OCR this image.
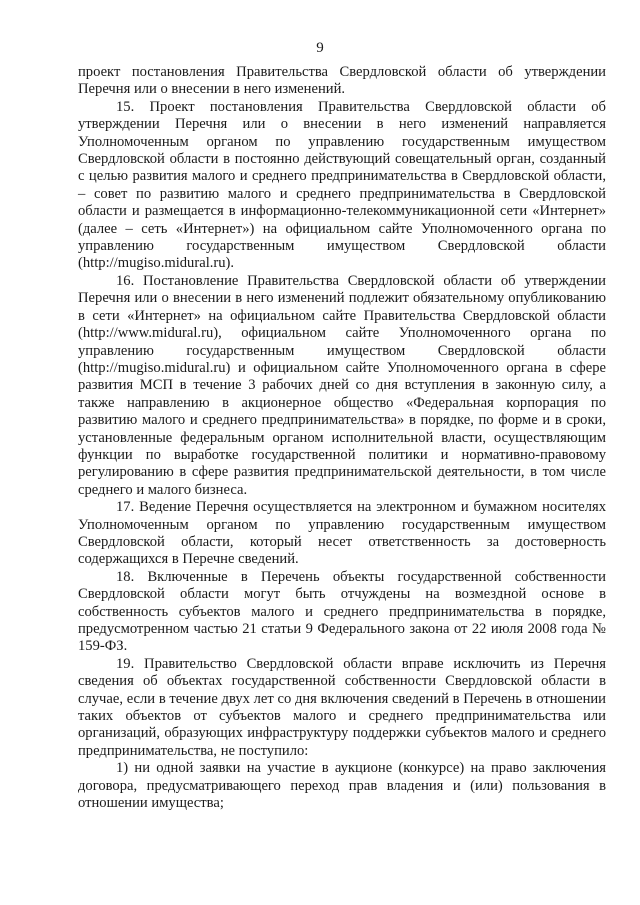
9

проект постановления Правительства Свердловской области об утверждении Перечня или о внесении в него изменений.

15. Проект постановления Правительства Свердловской области об утверждении Перечня или о внесении в него изменений направляется Уполномоченным органом по управлению государственным имуществом Свердловской области в постоянно действующий совещательный орган, созданный с целью развития малого и среднего предпринимательства в Свердловской области, – совет по развитию малого и среднего предпринимательства в Свердловской области и размещается в информационно-телекоммуникационной сети «Интернет» (далее – сеть «Интернет») на официальном сайте Уполномоченного органа по управлению государственным имуществом Свердловской области (http://mugiso.midural.ru).

16. Постановление Правительства Свердловской области об утверждении Перечня или о внесении в него изменений подлежит обязательному опубликованию в сети «Интернет» на официальном сайте Правительства Свердловской области (http://www.midural.ru), официальном сайте Уполномоченного органа по управлению государственным имуществом Свердловской области (http://mugiso.midural.ru) и официальном сайте Уполномоченного органа в сфере развития МСП в течение 3 рабочих дней со дня вступления в законную силу, а также направлению в акционерное общество «Федеральная корпорация по развитию малого и среднего предпринимательства» в порядке, по форме и в сроки, установленные федеральным органом исполнительной власти, осуществляющим функции по выработке государственной политики и нормативно-правовому регулированию в сфере развития предпринимательской деятельности, в том числе среднего и малого бизнеса.

17. Ведение Перечня осуществляется на электронном и бумажном носителях Уполномоченным органом по управлению государственным имуществом Свердловской области, который несет ответственность за достоверность содержащихся в Перечне сведений.

18. Включенные в Перечень объекты государственной собственности Свердловской области могут быть отчуждены на возмездной основе в собственность субъектов малого и среднего предпринимательства в порядке, предусмотренном частью 21 статьи 9 Федерального закона от 22 июля 2008 года № 159-ФЗ.

19. Правительство Свердловской области вправе исключить из Перечня сведения об объектах государственной собственности Свердловской области в случае, если в течение двух лет со дня включения сведений в Перечень в отношении таких объектов от субъектов малого и среднего предпринимательства или организаций, образующих инфраструктуру поддержки субъектов малого и среднего предпринимательства, не поступило:

1) ни одной заявки на участие в аукционе (конкурсе) на право заключения договора, предусматривающего переход прав владения и (или) пользования в отношении имущества;
